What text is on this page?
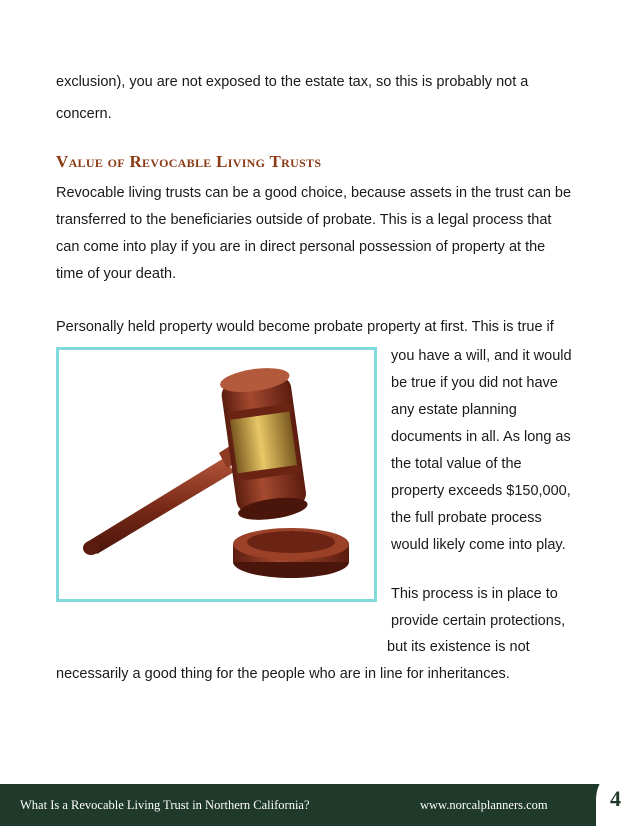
exclusion), you are not exposed to the estate tax, so this is probably not a
concern.
Value of Revocable Living Trusts
Revocable living trusts can be a good choice, because assets in the trust can be
transferred to the beneficiaries outside of probate. This is a legal process that
can come into play if you are in direct personal possession of property at the
time of your death.
Personally held property would become probate property at first. This is true if
you have a will, and it would
be true if you did not have
any estate planning
documents in all. As long as
the total value of the
property exceeds $150,000,
the full probate process
would likely come into play.
This process is in place to
provide certain protections,
but its existence is not
necessarily a good thing for the people who are in line for inheritances.
What Is a Revocable Living Trust in Northern California?	www.norcalplanners.com	4
